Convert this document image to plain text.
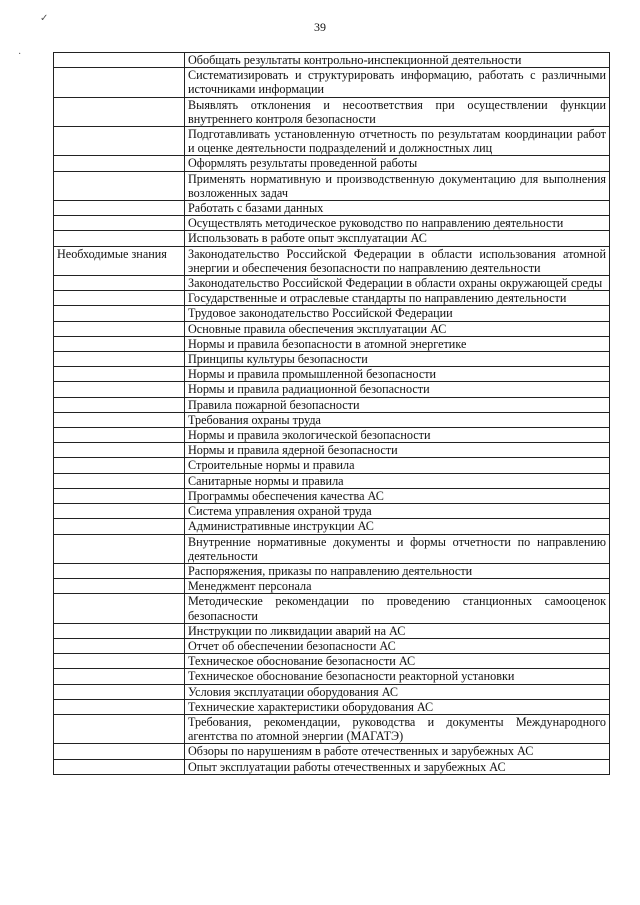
39
✓
·
		Обобщать результаты контрольно-инспекционной деятельности
	Систематизировать и структурировать информацию, работать с различными источниками информации
	Выявлять отклонения и несоответствия при осуществлении функции внутреннего контроля безопасности
	Подготавливать установленную отчетность по результатам координации работ и оценке деятельности подразделений и должностных лиц
	Оформлять результаты проведенной работы
	Применять нормативную и производственную документацию для выполнения возложенных задач
	Работать с базами данных
	Осуществлять методическое руководство по направлению деятельности
	Использовать в работе опыт эксплуатации АС
Необходимые знания	Законодательство Российской Федерации в области использования атомной энергии и обеспечения безопасности по направлению деятельности
	Законодательство Российской Федерации в области охраны окружающей среды
	Государственные и отраслевые стандарты по направлению деятельности
	Трудовое законодательство Российской Федерации
	Основные правила обеспечения эксплуатации АС
	Нормы и правила безопасности в атомной энергетике
	Принципы культуры безопасности
	Нормы и правила промышленной безопасности
	Нормы и правила радиационной безопасности
	Правила пожарной безопасности
	Требования охраны труда
	Нормы и правила экологической безопасности
	Нормы и правила ядерной безопасности
	Строительные нормы и правила
	Санитарные нормы и правила
	Программы обеспечения качества АС
	Система управления охраной труда
	Административные инструкции АС
	Внутренние нормативные документы и формы отчетности по направлению деятельности
	Распоряжения, приказы по направлению деятельности
	Менеджмент персонала
	Методические рекомендации по проведению станционных самооценок безопасности
	Инструкции по ликвидации аварий на АС
	Отчет об обеспечении безопасности АС
	Техническое обоснование безопасности АС
	Техническое обоснование безопасности реакторной установки
	Условия эксплуатации оборудования АС
	Технические характеристики оборудования АС
	Требования, рекомендации, руководства и документы Международного агентства по атомной энергии (МАГАТЭ)
	Обзоры по нарушениям в работе отечественных и зарубежных АС
	Опыт эксплуатации работы отечественных и зарубежных АС
